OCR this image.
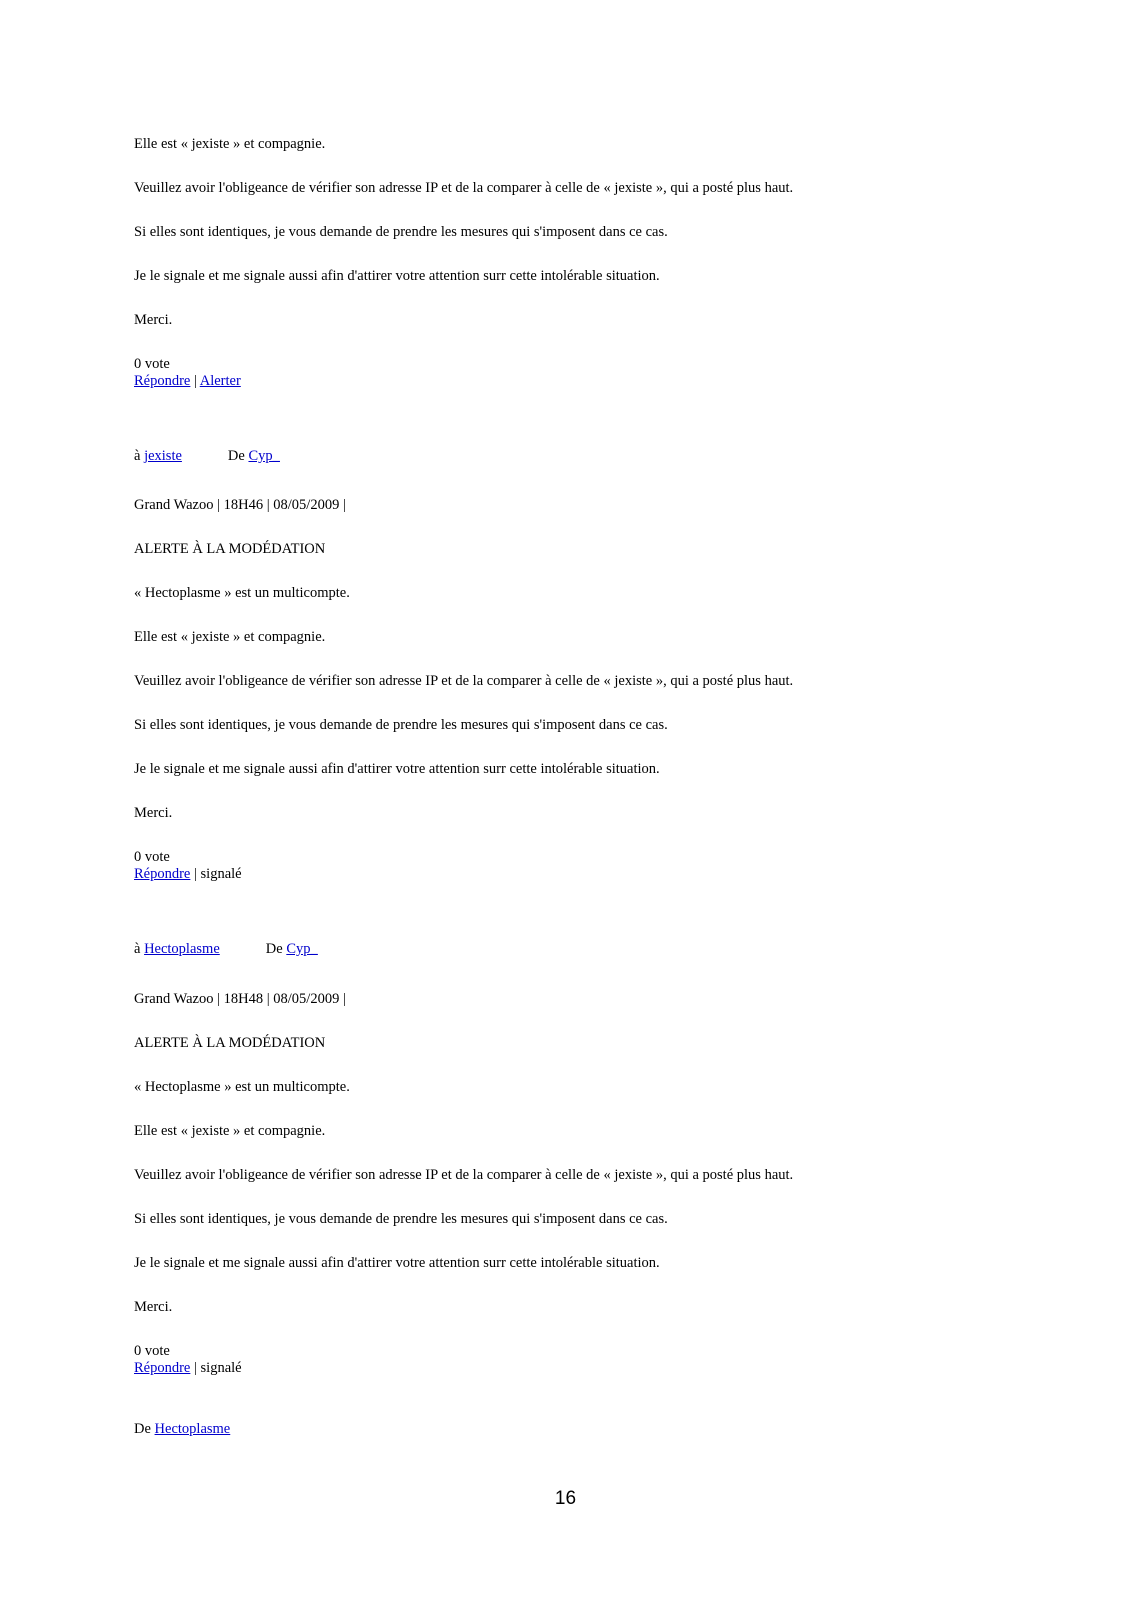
Elle est « jexiste » et compagnie.
Veuillez avoir l'obligeance de vérifier son adresse IP et de la comparer à celle de « jexiste », qui a posté plus haut.
Si elles sont identiques, je vous demande de prendre les mesures qui s'imposent dans ce cas.
Je le signale et me signale aussi afin d'attirer votre attention surr cette intolérable situation.
Merci.
0 vote
Répondre | Alerter
à jexiste	De Cyp_
Grand Wazoo | 18H46 | 08/05/2009 |
ALERTE À LA MODÉDATION
« Hectoplasme » est un multicompte.
Elle est « jexiste » et compagnie.
Veuillez avoir l'obligeance de vérifier son adresse IP et de la comparer à celle de « jexiste », qui a posté plus haut.
Si elles sont identiques, je vous demande de prendre les mesures qui s'imposent dans ce cas.
Je le signale et me signale aussi afin d'attirer votre attention surr cette intolérable situation.
Merci.
0 vote
Répondre | signalé
à Hectoplasme	De Cyp_
Grand Wazoo | 18H48 | 08/05/2009 |
ALERTE À LA MODÉDATION
« Hectoplasme » est un multicompte.
Elle est « jexiste » et compagnie.
Veuillez avoir l'obligeance de vérifier son adresse IP et de la comparer à celle de « jexiste », qui a posté plus haut.
Si elles sont identiques, je vous demande de prendre les mesures qui s'imposent dans ce cas.
Je le signale et me signale aussi afin d'attirer votre attention surr cette intolérable situation.
Merci.
0 vote
Répondre | signalé
De Hectoplasme
16
